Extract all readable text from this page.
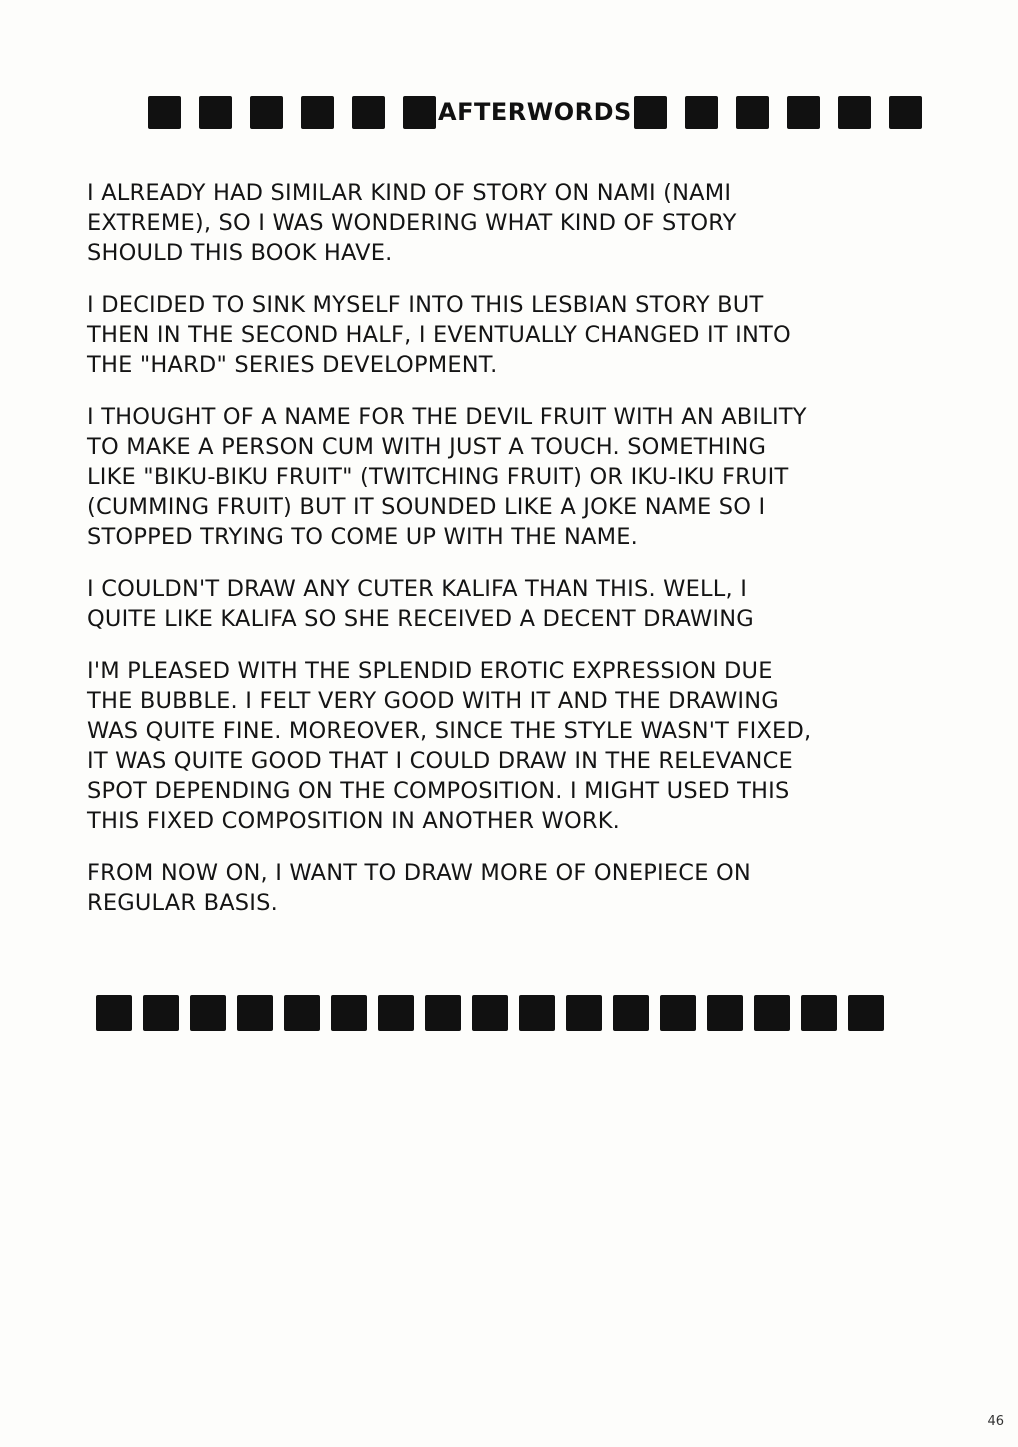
AFTERWORDS

I ALREADY HAD SIMILAR KIND OF STORY ON NAMI (NAMI
EXTREME), SO I WAS WONDERING WHAT KIND OF STORY
SHOULD THIS BOOK HAVE.

I DECIDED TO SINK MYSELF INTO THIS LESBIAN STORY BUT
THEN IN THE SECOND HALF, I EVENTUALLY CHANGED IT INTO
THE "HARD" SERIES DEVELOPMENT.

I THOUGHT OF A NAME FOR THE DEVIL FRUIT WITH AN ABILITY
TO MAKE A PERSON CUM WITH JUST A TOUCH. SOMETHING
LIKE "BIKU-BIKU FRUIT" (TWITCHING FRUIT) OR IKU-IKU FRUIT
(CUMMING FRUIT) BUT IT SOUNDED LIKE A JOKE NAME SO I
STOPPED TRYING TO COME UP WITH THE NAME.

I COULDN'T DRAW ANY CUTER KALIFA THAN THIS. WELL, I
QUITE LIKE KALIFA SO SHE RECEIVED A DECENT DRAWING

I'M PLEASED WITH THE SPLENDID EROTIC EXPRESSION DUE
THE BUBBLE. I FELT VERY GOOD WITH IT AND THE DRAWING
WAS QUITE FINE. MOREOVER, SINCE THE STYLE WASN'T FIXED,
IT WAS QUITE GOOD THAT I COULD DRAW IN THE RELEVANCE
SPOT DEPENDING ON THE COMPOSITION. I MIGHT USED THIS
THIS FIXED COMPOSITION IN ANOTHER WORK.

FROM NOW ON, I WANT TO DRAW MORE OF ONEPIECE ON
REGULAR BASIS.

46
